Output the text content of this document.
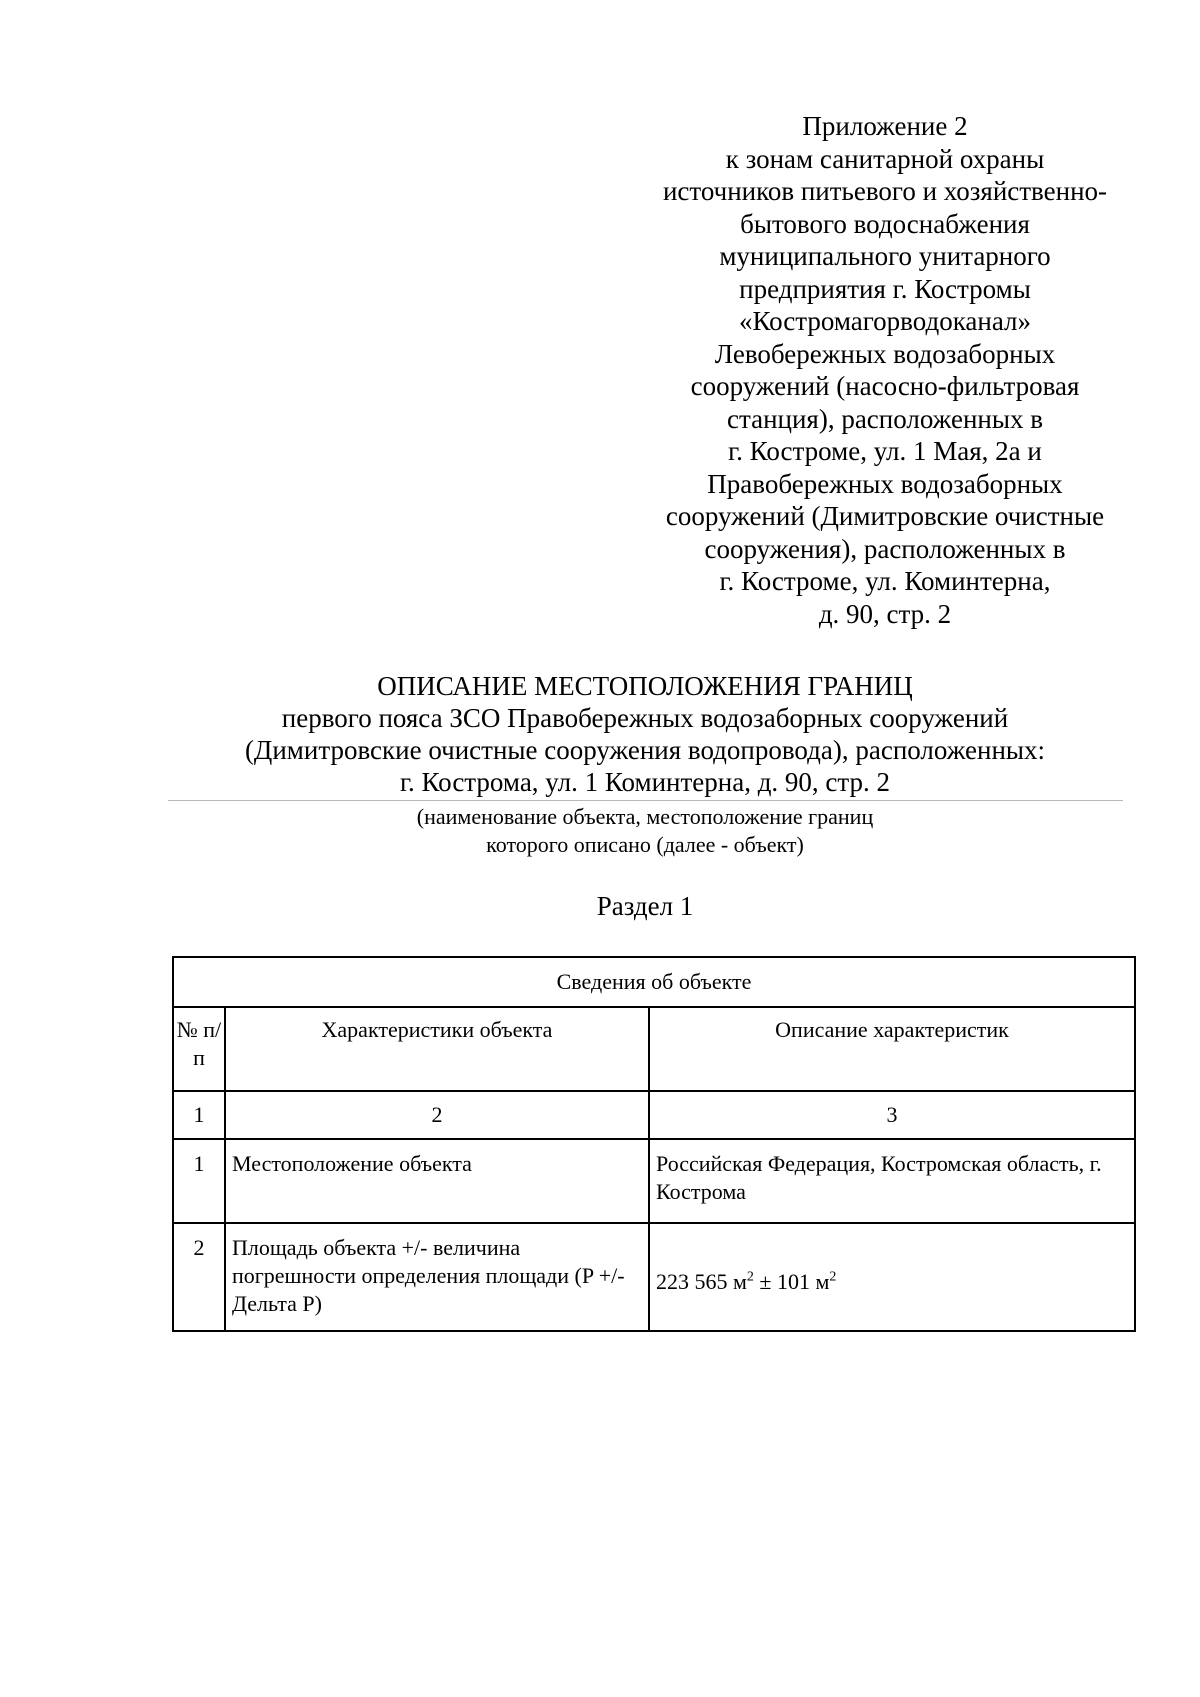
Приложение 2
к зонам санитарной охраны
источников питьевого и хозяйственно-
бытового водоснабжения
муниципального унитарного
предприятия г. Костромы
«Костромагорводоканал»
Левобережных водозаборных
сооружений (насосно-фильтровая
станция), расположенных в
г. Костроме, ул. 1 Мая, 2а и
Правобережных водозаборных
сооружений (Димитровские очистные
сооружения), расположенных в
г. Костроме, ул. Коминтерна,
д. 90, стр. 2
ОПИСАНИЕ МЕСТОПОЛОЖЕНИЯ ГРАНИЦ
первого пояса ЗСО Правобережных водозаборных сооружений
(Димитровские очистные сооружения водопровода), расположенных:
г. Кострома, ул. 1 Коминтерна, д. 90, стр. 2
(наименование объекта, местоположение границ
которого описано (далее - объект)
Раздел 1
Сведения об объекте		
№ п/п	Характеристики объекта	Описание характеристик
1	2	3
1	Местоположение объекта	Российская Федерация, Костромская область, г. Кострома
2	Площадь объекта +/- величина погрешности определения площади (P +/- Дельта P)	223 565 $м^2 \pm 101$ $м^2$
